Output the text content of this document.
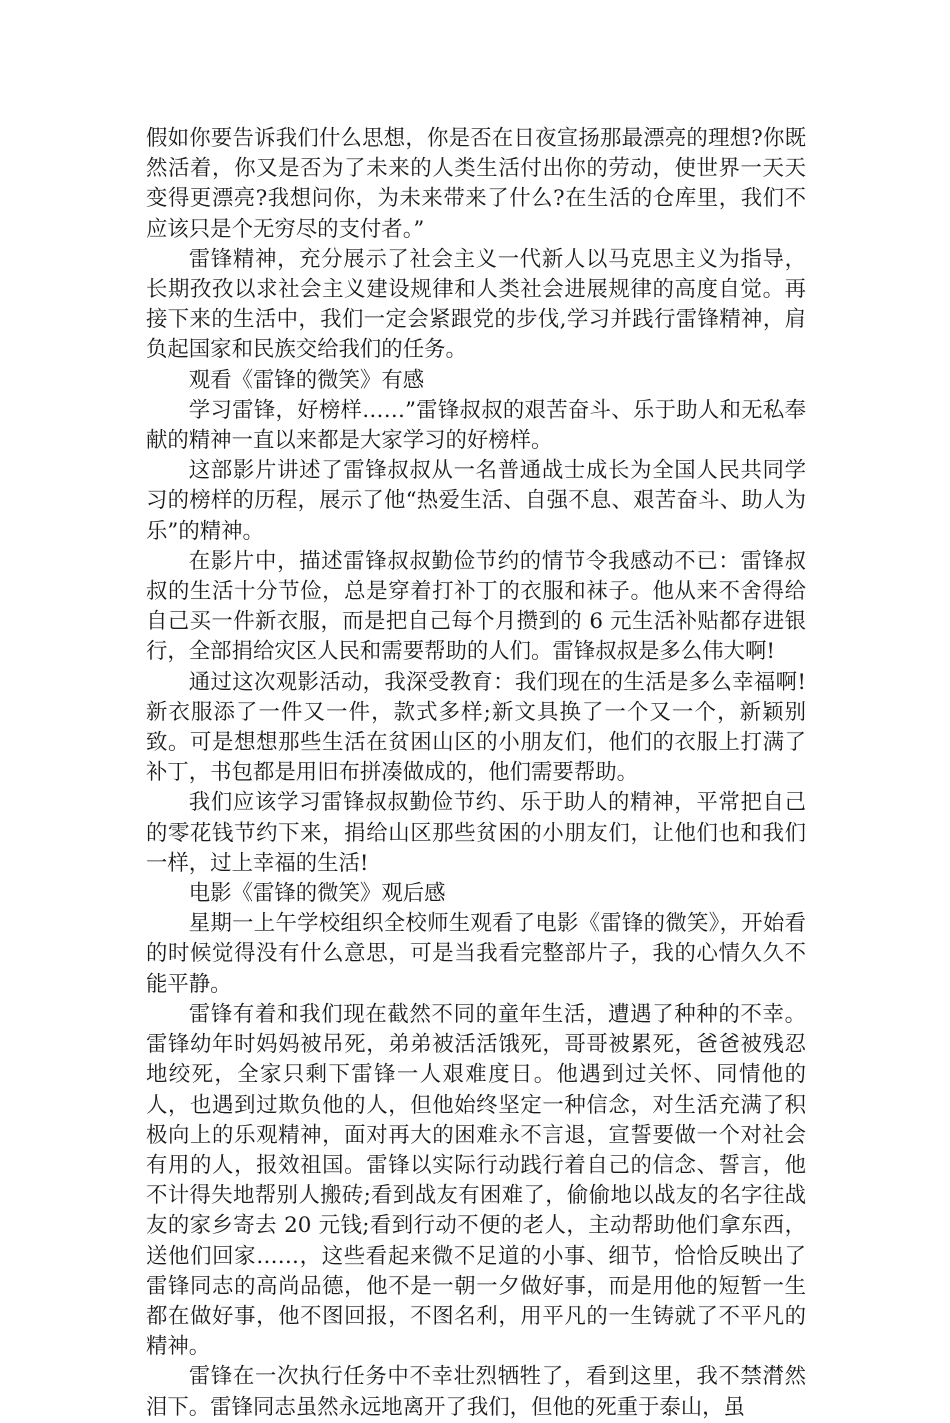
假如你要告诉我们什么思想，你是否在日夜宣扬那最漂亮的理想?你既然活着，你又是否为了未来的人类生活付出你的劳动，使世界一天天变得更漂亮?我想问你，为未来带来了什么?在生活的仓库里，我们不应该只是个无穷尽的支付者。”

雷锋精神，充分展示了社会主义一代新人以马克思主义为指导，长期孜孜以求社会主义建设规律和人类社会进展规律的高度自觉。再接下来的生活中，我们一定会紧跟党的步伐,学习并践行雷锋精神，肩负起国家和民族交给我们的任务。

观看《雷锋的微笑》有感

学习雷锋，好榜样……”雷锋叔叔的艰苦奋斗、乐于助人和无私奉献的精神一直以来都是大家学习的好榜样。

这部影片讲述了雷锋叔叔从一名普通战士成长为全国人民共同学习的榜样的历程，展示了他“热爱生活、自强不息、艰苦奋斗、助人为乐”的精神。

在影片中，描述雷锋叔叔勤俭节约的情节令我感动不已：雷锋叔叔的生活十分节俭，总是穿着打补丁的衣服和袜子。他从来不舍得给自己买一件新衣服，而是把自己每个月攒到的 6 元生活补贴都存进银行，全部捐给灾区人民和需要帮助的人们。雷锋叔叔是多么伟大啊!

通过这次观影活动，我深受教育：我们现在的生活是多么幸福啊!新衣服添了一件又一件，款式多样;新文具换了一个又一个，新颖别致。可是想想那些生活在贫困山区的小朋友们，他们的衣服上打满了补丁，书包都是用旧布拼凑做成的，他们需要帮助。

我们应该学习雷锋叔叔勤俭节约、乐于助人的精神，平常把自己的零花钱节约下来，捐给山区那些贫困的小朋友们，让他们也和我们一样，过上幸福的生活!

电影《雷锋的微笑》观后感

星期一上午学校组织全校师生观看了电影《雷锋的微笑》，开始看的时候觉得没有什么意思，可是当我看完整部片子，我的心情久久不能平静。

雷锋有着和我们现在截然不同的童年生活，遭遇了种种的不幸。雷锋幼年时妈妈被吊死，弟弟被活活饿死，哥哥被累死，爸爸被残忍地绞死，全家只剩下雷锋一人艰难度日。他遇到过关怀、同情他的人，也遇到过欺负他的人，但他始终坚定一种信念，对生活充满了积极向上的乐观精神，面对再大的困难永不言退，宣誓要做一个对社会有用的人，报效祖国。雷锋以实际行动践行着自己的信念、誓言，他不计得失地帮别人搬砖;看到战友有困难了，偷偷地以战友的名字往战友的家乡寄去 20 元钱;看到行动不便的老人，主动帮助他们拿东西，送他们回家……，这些看起来微不足道的小事、细节，恰恰反映出了雷锋同志的高尚品德，他不是一朝一夕做好事，而是用他的短暂一生都在做好事，他不图回报，不图名利，用平凡的一生铸就了不平凡的精神。

雷锋在一次执行任务中不幸壮烈牺牲了，看到这里，我不禁潸然泪下。雷锋同志虽然永远地离开了我们，但他的死重于泰山，虽
